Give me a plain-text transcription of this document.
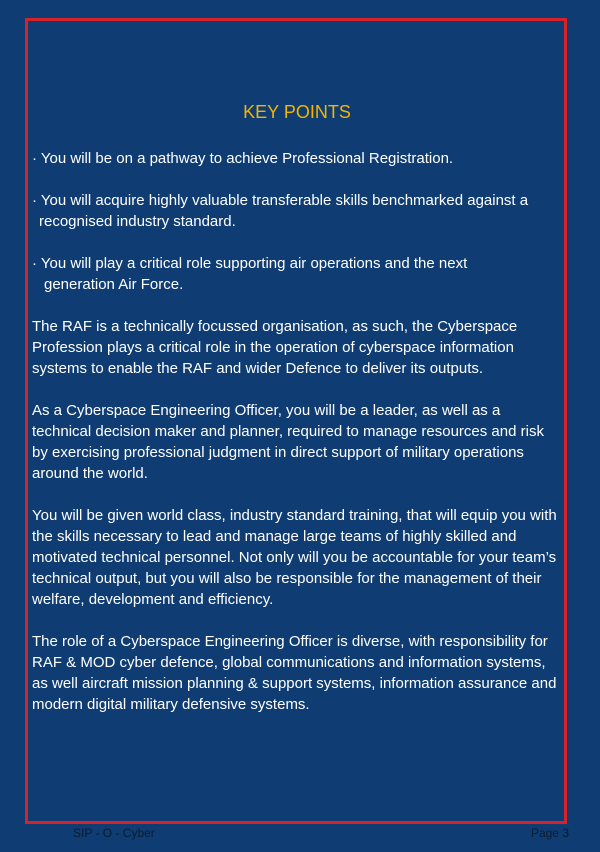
KEY POINTS
· You will be on a pathway to achieve Professional Registration.
· You will acquire highly valuable transferable skills benchmarked against a
recognised industry standard.
· You will play a critical role supporting air operations and the next
generation Air Force.

The RAF is a technically focussed organisation, as such, the Cyberspace Profession plays a critical role in the operation of cyberspace information systems to enable the RAF and wider Defence to deliver its outputs.

As a Cyberspace Engineering Officer, you will be a leader, as well as a technical decision maker and planner, required to manage resources and risk by exercising professional judgment in direct support of military operations around the world.

You will be given world class, industry standard training, that will equip you with the skills necessary to lead and manage large teams of highly skilled and motivated technical personnel. Not only will you be accountable for your team’s technical output, but you will also be responsible for the management of their welfare, development and efficiency.

The role of a Cyberspace Engineering Officer is diverse, with responsibility for RAF & MOD cyber defence, global communications and information systems, as well aircraft mission planning & support systems, information assurance and modern digital military defensive systems.

SIP - O - Cyber	Page 3
